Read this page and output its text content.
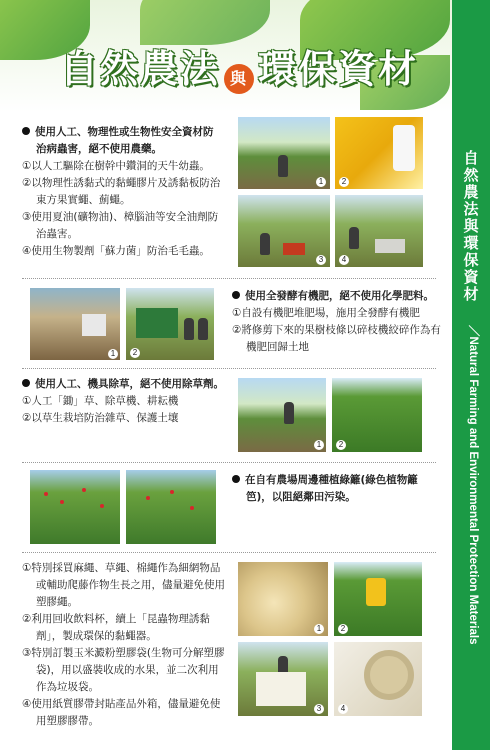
自然農法 與 環保資材
自
然
農
法
與
環
保
資
材
／Natural Farming and Environmental Protection Materials
使用人工、物理性或生物性安全資材防治病蟲害，絕不使用農藥。
①以人工驅除在樹幹中鑽洞的天牛幼蟲。
②以物理性誘黏式的黏蠅膠片及誘黏板防治東方果實蠅、薊蠅。
③使用夏油(礦物油)、樟腦油等安全油劑防治蟲害。
④使用生物製劑「蘇力菌」防治毛毛蟲。
1	2
3	4
2
1
使用全發酵有機肥，絕不使用化學肥料。
①自設有機肥堆肥場，施用全發酵有機肥
②將修剪下來的果樹枝條以碎枝機絞碎作為有機肥回歸土地
使用人工、機具除草，絕不使用除草劑。
①人工「鋤」草、除草機、耕耘機
②以草生栽培防治雜草、保護土壤
1	2
在自有農場周邊種植綠籬(綠色植物籬笆)，以阻絕鄰田污染。
①特別採買麻繩、草繩、棉繩作為細網物品或輔助爬藤作物生長之用，儘量避免使用塑膠繩。
②利用回收飲料杯，續上「昆蟲物理誘黏劑」，製成環保的黏蠅器。
③特別訂製玉米澱粉塑膠袋(生物可分解塑膠袋)，用以盛裝收成的水果，並二次利用作為垃圾袋。
④使用紙質膠帶封貼產品外箱，儘量避免使用塑膠膠帶。
1	2
3	4
